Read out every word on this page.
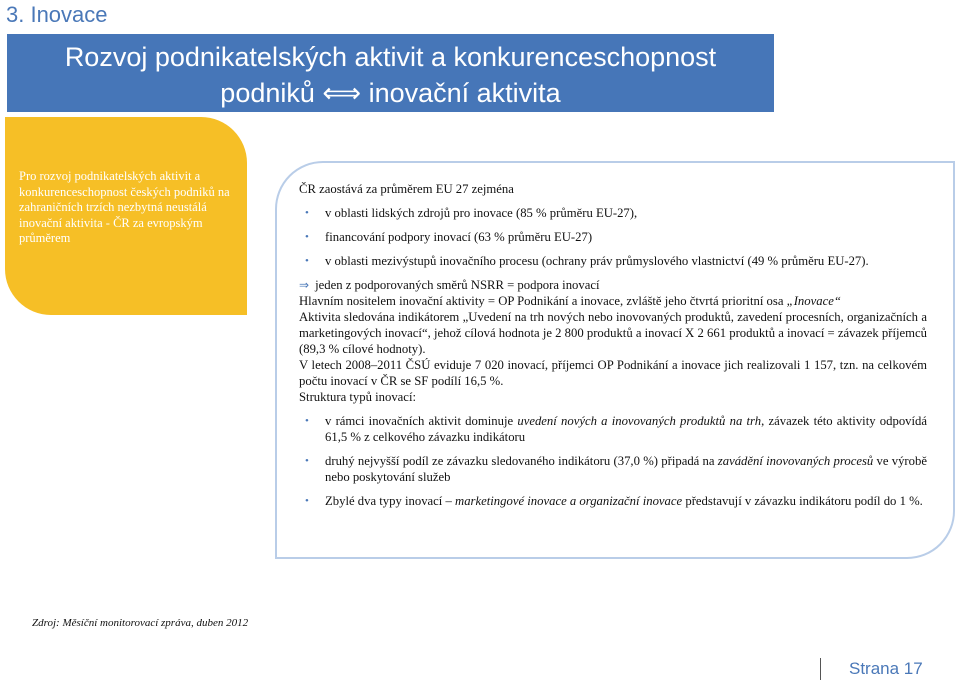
3. Inovace
Rozvoj podnikatelských aktivit a konkurenceschopnost
podniků ⟺ inovační aktivita
Pro rozvoj podnikatelských aktivit a konkurenceschopnost českých podniků na zahraničních trzích nezbytná neustálá inovační aktivita - ČR za evropským průměrem

ČR zaostává za průměrem EU 27 zejména

• v oblasti lidských zdrojů pro inovace (85 % průměru EU-27),
• financování podpory inovací (63 % průměru EU-27)
• v oblasti mezivýstupů inovačního procesu (ochrany práv průmyslového vlastnictví (49 % průměru EU-27).

⇒ jeden z podporovaných směrů NSRR = podpora inovací

Hlavním nositelem inovační aktivity = OP Podnikání a inovace, zvláště jeho čtvrtá prioritní osa „Inovace“

Aktivita sledována indikátorem „Uvedení na trh nových nebo inovovaných produktů, zavedení procesních, organizačních a marketingových inovací“, jehož cílová hodnota je 2 800 produktů a inovací X 2 661 produktů a inovací = závazek příjemců (89,3 % cílové hodnoty).

V letech 2008–2011 ČSÚ eviduje 7 020 inovací, příjemci OP Podnikání a inovace jich realizovali 1 157, tzn. na celkovém počtu inovací v ČR se SF podílí 16,5 %.

Struktura typů inovací:

• v rámci inovačních aktivit dominuje uvedení nových a inovovaných produktů na trh, závazek této aktivity odpovídá 61,5 % z celkového závazku indikátoru
• druhý nejvyšší podíl ze závazku sledovaného indikátoru (37,0 %) připadá na zavádění inovovaných procesů ve výrobě nebo poskytování služeb
• Zbylé dva typy inovací – marketingové inovace a organizační inovace představují v závazku indikátoru podíl do 1 %.
Zdroj: Měsíční monitorovací zpráva, duben 2012
Strana 17
